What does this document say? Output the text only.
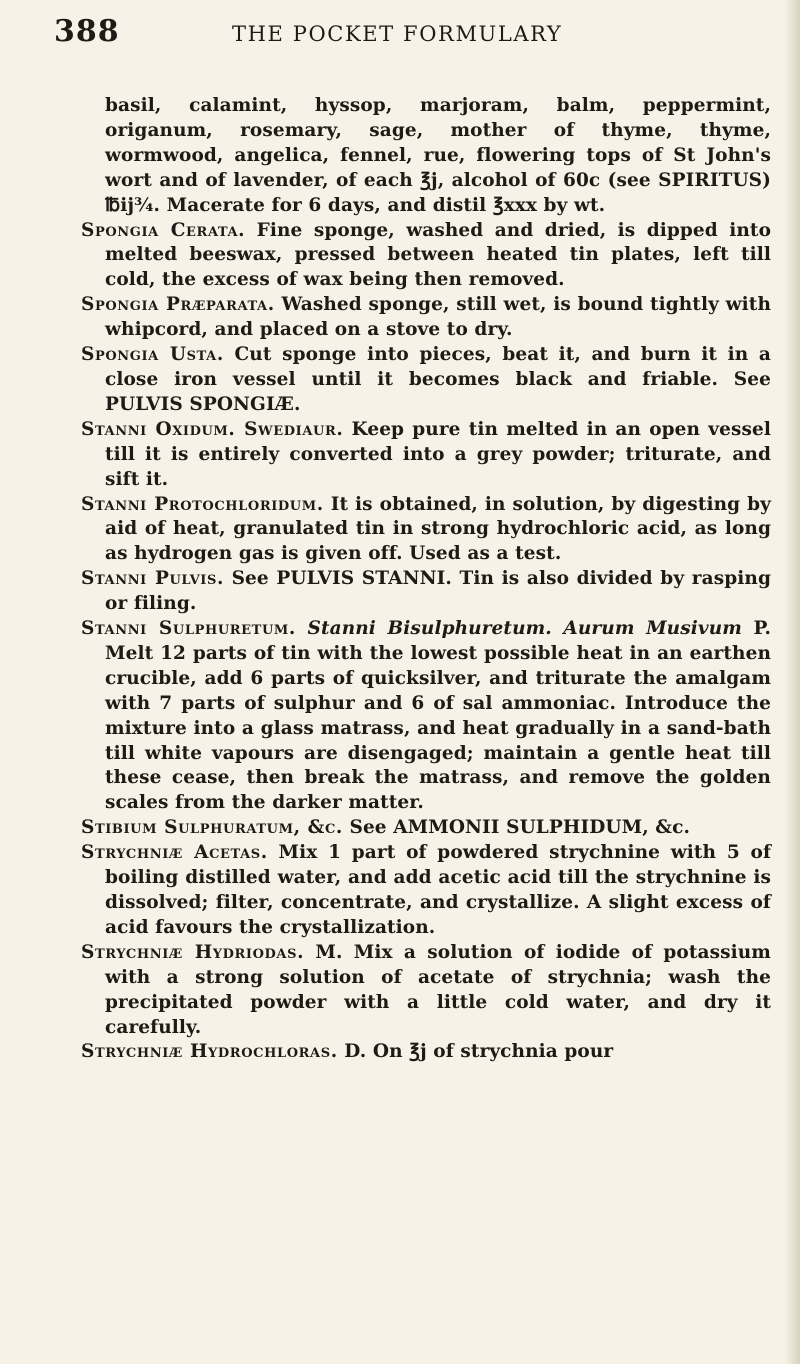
388	THE POCKET FORMULARY

basil, calamint, hyssop, marjoram, balm, peppermint, origanum, rosemary, sage, mother of thyme, thyme, wormwood, angelica, fennel, rue, flowering tops of St John's wort and of lavender, of each ℥j, alcohol of 60c (see SPIRITUS) ℔ij¾. Macerate for 6 days, and distil ℥xxx by wt.

Spongia Cerata. Fine sponge, washed and dried, is dipped into melted beeswax, pressed between heated tin plates, left till cold, the excess of wax being then removed.

Spongia Præparata. Washed sponge, still wet, is bound tightly with whipcord, and placed on a stove to dry.

Spongia Usta. Cut sponge into pieces, beat it, and burn it in a close iron vessel until it becomes black and friable. See PULVIS SPONGIÆ.

Stanni Oxidum. Swediaur. Keep pure tin melted in an open vessel till it is entirely converted into a grey powder; triturate, and sift it.

Stanni Protochloridum. It is obtained, in solution, by digesting by aid of heat, granulated tin in strong hydrochloric acid, as long as hydrogen gas is given off. Used as a test.

Stanni Pulvis. See PULVIS STANNI. Tin is also divided by rasping or filing.

Stanni Sulphuretum. Stanni Bisulphuretum. Aurum Musivum P. Melt 12 parts of tin with the lowest possible heat in an earthen crucible, add 6 parts of quicksilver, and triturate the amalgam with 7 parts of sulphur and 6 of sal ammoniac. Introduce the mixture into a glass matrass, and heat gradually in a sand-bath till white vapours are disengaged; maintain a gentle heat till these cease, then break the matrass, and remove the golden scales from the darker matter.

Stibium Sulphuratum, &c. See AMMONII SULPHIDUM, &c.

Strychniæ Acetas. Mix 1 part of powdered strychnine with 5 of boiling distilled water, and add acetic acid till the strychnine is dissolved; filter, concentrate, and crystallize. A slight excess of acid favours the crystallization.

Strychniæ Hydriodas. M. Mix a solution of iodide of potassium with a strong solution of acetate of strychnia; wash the precipitated powder with a little cold water, and dry it carefully.

Strychniæ Hydrochloras. D. On ℥j of strychnia pour
